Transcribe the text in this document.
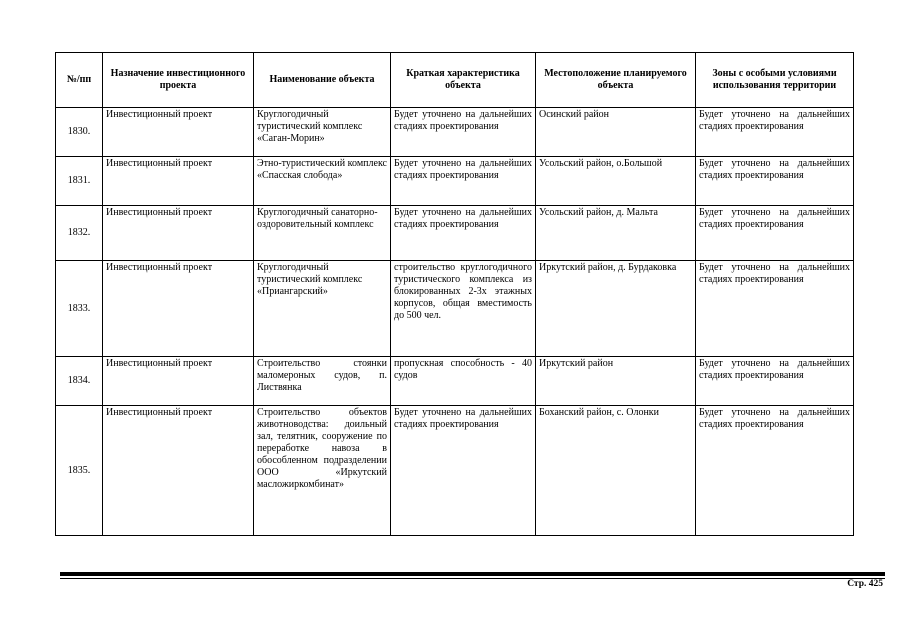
№/пп	Назначение инвестиционного проекта	Наименование объекта	Краткая характеристика объекта	Местоположение планируемого объекта	Зоны с особыми условиями использования территории
1830.	Инвестиционный проект	Круглогодичный туристический комплекс «Саган-Морин»	Будет уточнено на дальнейших стадиях проектирования	Осинский район	Будет уточнено на дальнейших стадиях проектирования
1831.	Инвестиционный проект	Этно-туристический комплекс «Спасская слобода»	Будет уточнено на дальнейших стадиях проектирования	Усольский район, о.Большой	Будет уточнено на дальнейших стадиях проектирования
1832.	Инвестиционный проект	Круглогодичный санаторно-оздоровительный комплекс	Будет уточнено на дальнейших стадиях проектирования	Усольский район, д. Мальта	Будет уточнено на дальнейших стадиях проектирования
1833.	Инвестиционный проект	Круглогодичный туристический комплекс «Приангарский»	строительство круглогодичного туристического комплекса из блокированных 2-3х этажных корпусов, общая вместимость до 500 чел.	Иркутский район, д. Бурдаковка	Будет уточнено на дальнейших стадиях проектирования
1834.	Инвестиционный проект	Строительство стоянки маломероных судов, п. Листвянка	пропускная способность - 40 судов	Иркутский район	Будет уточнено на дальнейших стадиях проектирования
1835.	Инвестиционный проект	Строительство объектов животноводства: доильный зал, телятник, сооружение по переработке навоза в обособленном подразделении ООО «Иркутский масложиркомбинат»	Будет уточнено на дальнейших стадиях проектирования	Боханский район, с. Олонки	Будет уточнено на дальнейших стадиях проектирования
Стр. 425
